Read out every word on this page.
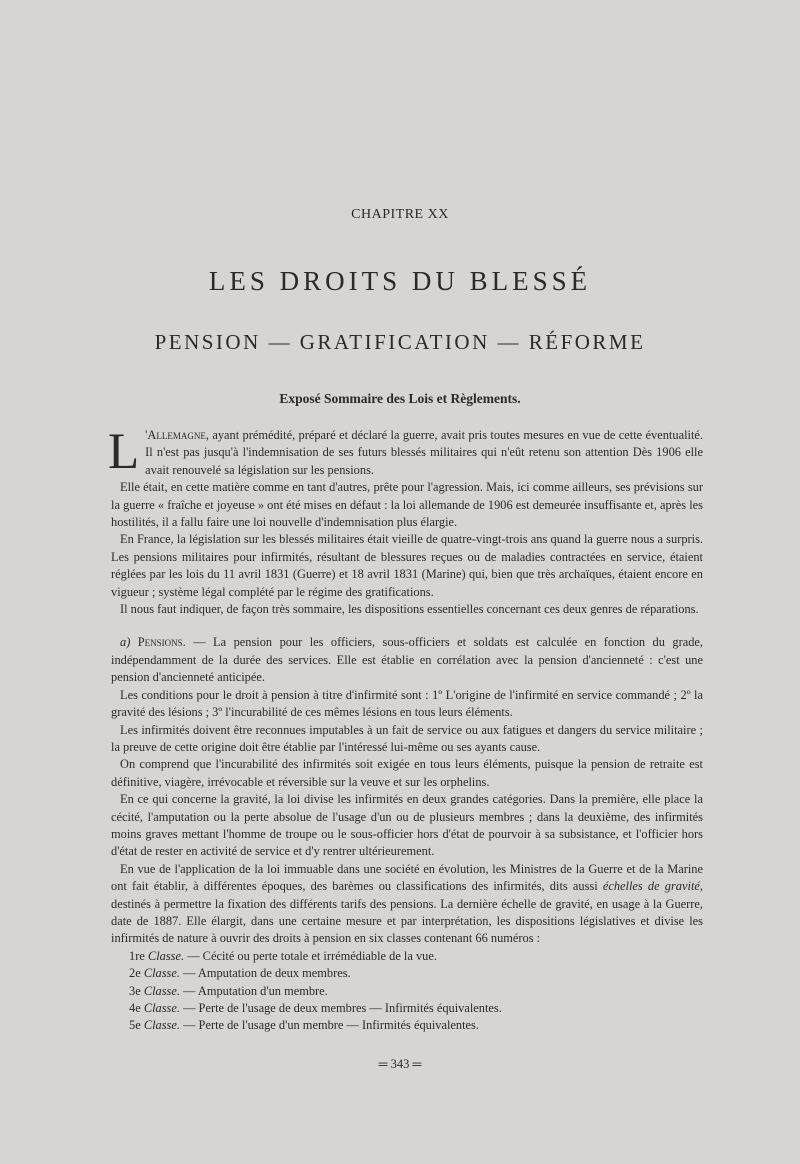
CHAPITRE XX
LES DROITS DU BLESSÉ
PENSION — GRATIFICATION — RÉFORME
Exposé Sommaire des Lois et Règlements.

L 'Allemagne, ayant prémédité, préparé et déclaré la guerre, avait pris toutes mesures en vue de cette éventualité. Il n'est pas jusqu'à l'indemnisation de ses futurs blessés militaires qui n'eût retenu son attention Dès 1906 elle avait renouvelé sa législation sur les pensions.

Elle était, en cette matière comme en tant d'autres, prête pour l'agression. Mais, ici comme ailleurs, ses prévisions sur la guerre « fraîche et joyeuse » ont été mises en défaut : la loi allemande de 1906 est demeurée insuffisante et, après les hostilités, il a fallu faire une loi nouvelle d'indemnisation plus élargie.

En France, la législation sur les blessés militaires était vieille de quatre-vingt-trois ans quand la guerre nous a surpris. Les pensions militaires pour infirmités, résultant de blessures reçues ou de maladies contractées en service, étaient réglées par les lois du 11 avril 1831 (Guerre) et 18 avril 1831 (Marine) qui, bien que très archaïques, étaient encore en vigueur ; système légal complété par le régime des gratifications.

Il nous faut indiquer, de façon très sommaire, les dispositions essentielles concernant ces deux genres de réparations.

a) Pensions. — La pension pour les officiers, sous-officiers et soldats est calculée en fonction du grade, indépendamment de la durée des services. Elle est établie en corrélation avec la pension d'ancienneté : c'est une pension d'ancienneté anticipée.

Les conditions pour le droit à pension à titre d'infirmité sont : 1º L'origine de l'infirmité en service commandé ; 2º la gravité des lésions ; 3º l'incurabilité de ces mêmes lésions en tous leurs éléments.

Les infirmités doivent être reconnues imputables à un fait de service ou aux fatigues et dangers du service militaire ; la preuve de cette origine doit être établie par l'intéressé lui-même ou ses ayants cause.

On comprend que l'incurabilité des infirmités soit exigée en tous leurs éléments, puisque la pension de retraite est définitive, viagère, irrévocable et réversible sur la veuve et sur les orphelins.

En ce qui concerne la gravité, la loi divise les infirmités en deux grandes catégories. Dans la première, elle place la cécité, l'amputation ou la perte absolue de l'usage d'un ou de plusieurs membres ; dans la deuxième, des infirmités moins graves mettant l'homme de troupe ou le sous-officier hors d'état de pourvoir à sa subsistance, et l'officier hors d'état de rester en activité de service et d'y rentrer ultérieurement.

En vue de l'application de la loi immuable dans une société en évolution, les Ministres de la Guerre et de la Marine ont fait établir, à différentes époques, des barèmes ou classifications des infirmités, dits aussi échelles de gravité, destinés à permettre la fixation des différents tarifs des pensions. La dernière échelle de gravité, en usage à la Guerre, date de 1887. Elle élargit, dans une certaine mesure et par interprétation, les dispositions législatives et divise les infirmités de nature à ouvrir des droits à pension en six classes contenant 66 numéros :

1re Classe. — Cécité ou perte totale et irrémédiable de la vue.

2e Classe. — Amputation de deux membres.

3e Classe. — Amputation d'un membre.

4e Classe. — Perte de l'usage de deux membres — Infirmités équivalentes.

5e Classe. — Perte de l'usage d'un membre — Infirmités équivalentes.

═ 343 ═
